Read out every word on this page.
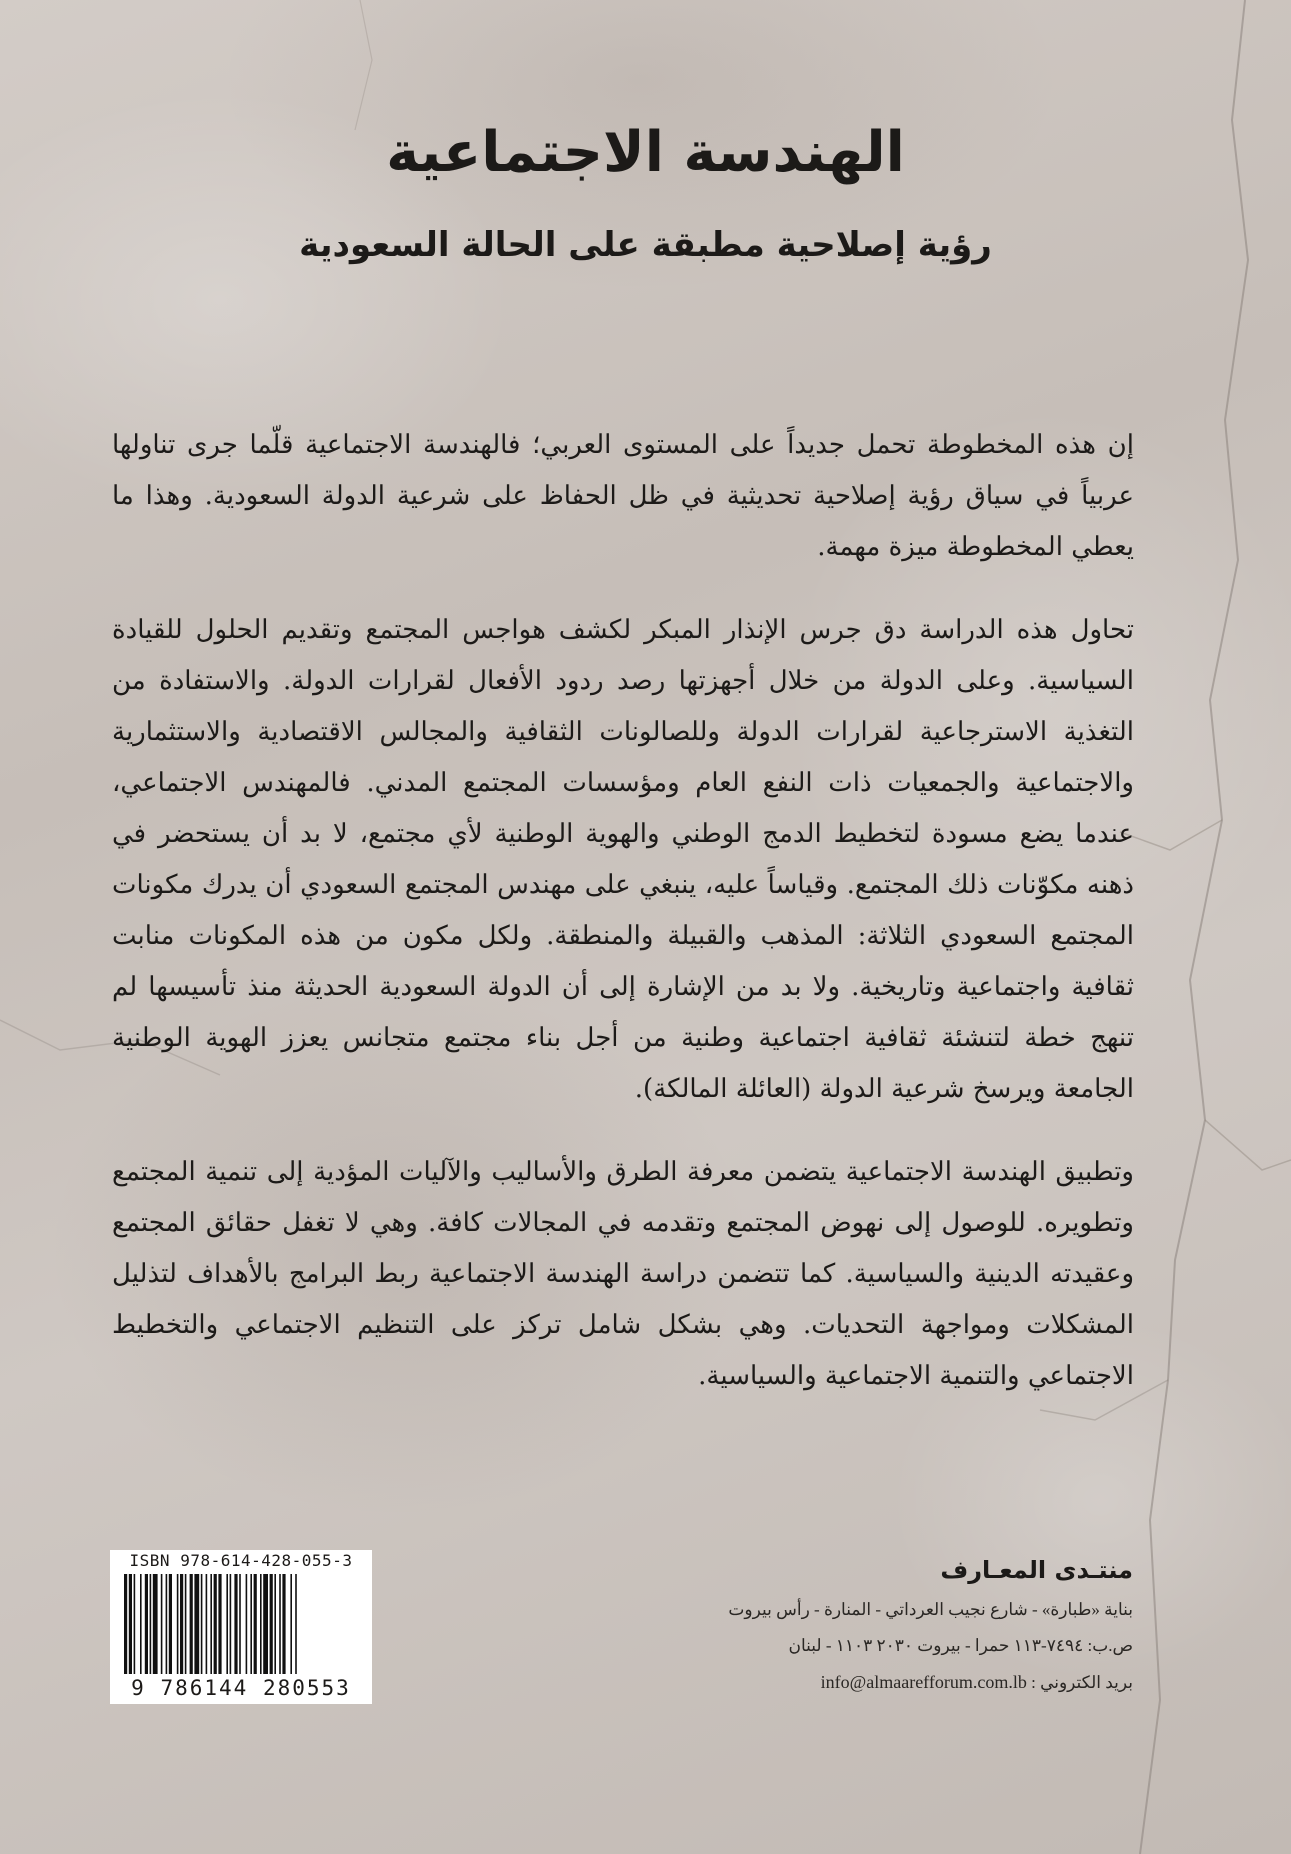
الهندسة الاجتماعية
رؤية إصلاحية مطبقة على الحالة السعودية

إن هذه المخطوطة تحمل جديداً على المستوى العربي؛ فالهندسة الاجتماعية قلّما جرى تناولها عربياً في سياق رؤية إصلاحية تحديثية في ظل الحفاظ على شرعية الدولة السعودية. وهذا ما يعطي المخطوطة ميزة مهمة.

تحاول هذه الدراسة دق جرس الإنذار المبكر لكشف هواجس المجتمع وتقديم الحلول للقيادة السياسية. وعلى الدولة من خلال أجهزتها رصد ردود الأفعال لقرارات الدولة. والاستفادة من التغذية الاسترجاعية لقرارات الدولة وللصالونات الثقافية والمجالس الاقتصادية والاستثمارية والاجتماعية والجمعيات ذات النفع العام ومؤسسات المجتمع المدني. فالمهندس الاجتماعي، عندما يضع مسودة لتخطيط الدمج الوطني والهوية الوطنية لأي مجتمع، لا بد أن يستحضر في ذهنه مكوّنات ذلك المجتمع. وقياساً عليه، ينبغي على مهندس المجتمع السعودي أن يدرك مكونات المجتمع السعودي الثلاثة: المذهب والقبيلة والمنطقة. ولكل مكون من هذه المكونات منابت ثقافية واجتماعية وتاريخية. ولا بد من الإشارة إلى أن الدولة السعودية الحديثة منذ تأسيسها لم تنهج خطة لتنشئة ثقافية اجتماعية وطنية من أجل بناء مجتمع متجانس يعزز الهوية الوطنية الجامعة ويرسخ شرعية الدولة (العائلة المالكة).

وتطبيق الهندسة الاجتماعية يتضمن معرفة الطرق والأساليب والآليات المؤدية إلى تنمية المجتمع وتطويره. للوصول إلى نهوض المجتمع وتقدمه في المجالات كافة. وهي لا تغفل حقائق المجتمع وعقيدته الدينية والسياسية. كما تتضمن دراسة الهندسة الاجتماعية ربط البرامج بالأهداف لتذليل المشكلات ومواجهة التحديات. وهي بشكل شامل تركز على التنظيم الاجتماعي والتخطيط الاجتماعي والتنمية الاجتماعية والسياسية.

ISBN 978-614-428-055-3
9 786144 280553
منتـدى المعـارف
بناية «طبارة» - شارع نجيب العرداتي - المنارة - رأس بيروت
ص.ب: ٧٤٩٤-١١٣ حمرا - بيروت ٢٠٣٠ ١١٠٣ - لبنان
بريد الكتروني : info@almaarefforum.com.lb
